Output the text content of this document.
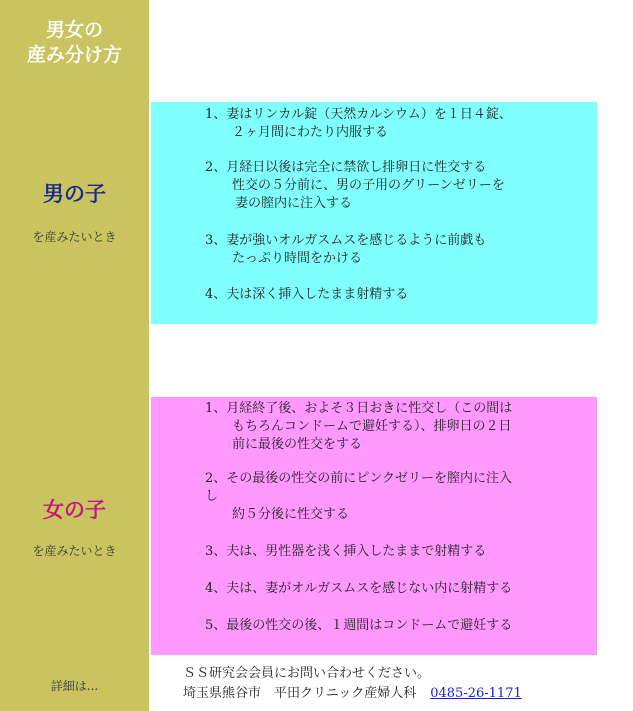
男女の
産み分け方
男の子
を産みたいとき
女の子
を産みたいとき
詳細は...
1、妻はリンカル錠（天然カルシウム）を１日４錠、
２ヶ月間にわたり内服する
2、月経日以後は完全に禁欲し排卵日に性交する
性交の５分前に、男の子用のグリーンゼリーを
妻の膣内に注入する
3、妻が強いオルガスムスを感じるように前戯も
たっぷり時間をかける
4、夫は深く挿入したまま射精する
1、月経終了後、およそ３日おきに性交し（この間は
もちろんコンドームで避妊する）、排卵日の２日
前に最後の性交をする
2、その最後の性交の前にピンクゼリーを膣内に注入
し
約５分後に性交する
3、夫は、男性器を浅く挿入したままで射精する
4、夫は、妻がオルガスムスを感じない内に射精する
5、最後の性交の後、１週間はコンドームで避妊する
ＳＳ研究会会員にお問い合わせください。
埼玉県熊谷市　平田クリニック産婦人科 0485-26-1171
